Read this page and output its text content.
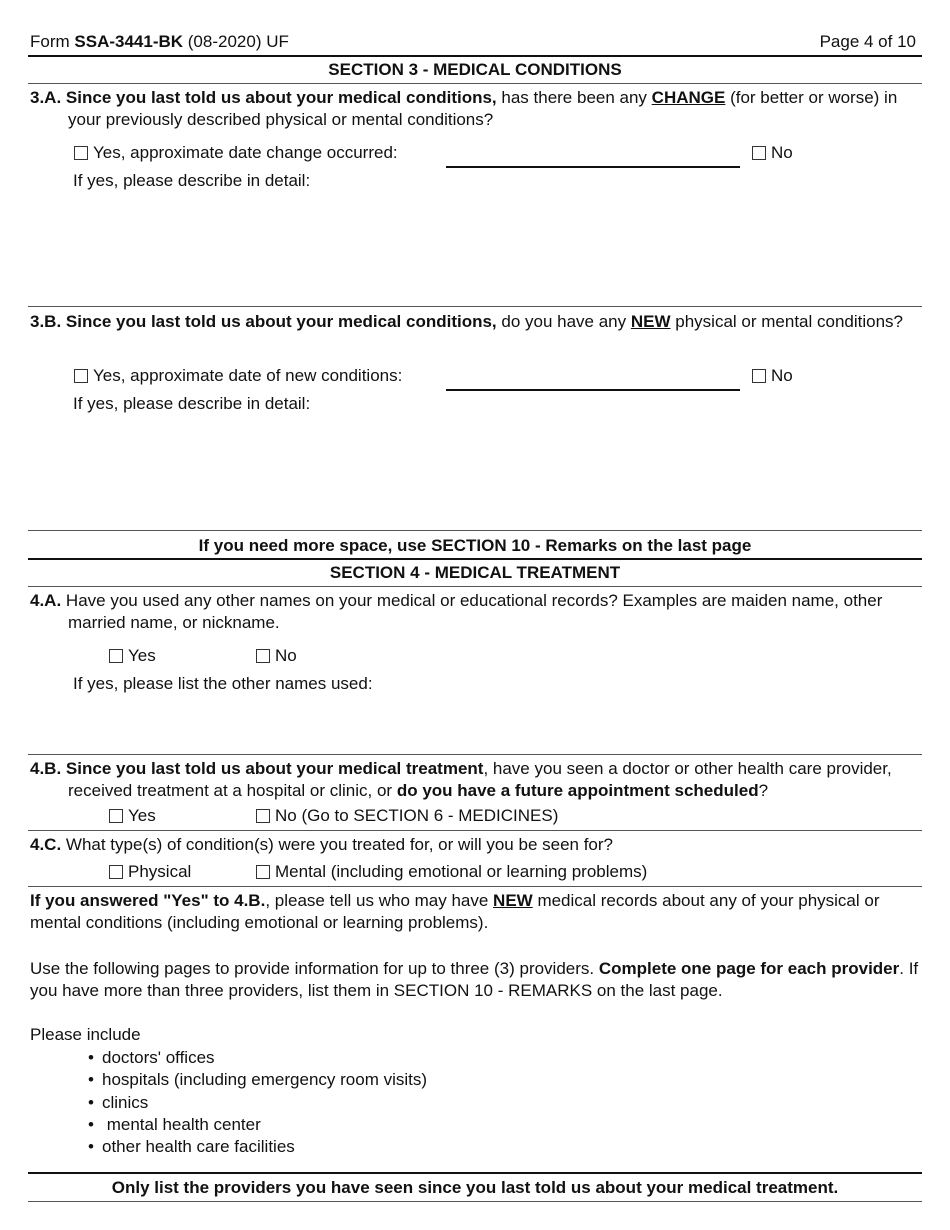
Form SSA-3441-BK (08-2020) UF	Page 4 of 10
SECTION 3 - MEDICAL CONDITIONS
3.A. Since you last told us about your medical conditions, has there been any CHANGE (for better or worse) in your previously described physical or mental conditions?
Yes, approximate date change occurred:	No
If yes, please describe in detail:
3.B. Since you last told us about your medical conditions, do you have any NEW physical or mental conditions?
Yes, approximate date of new conditions:	No
If yes, please describe in detail:
If you need more space, use SECTION 10 - Remarks on the last page
SECTION 4 - MEDICAL TREATMENT
4.A. Have you used any other names on your medical or educational records? Examples are maiden name, other married name, or nickname.
Yes	No
If yes, please list the other names used:
4.B. Since you last told us about your medical treatment, have you seen a doctor or other health care provider, received treatment at a hospital or clinic, or do you have a future appointment scheduled?
Yes	No (Go to SECTION 6 - MEDICINES)
4.C. What type(s) of condition(s) were you treated for, or will you be seen for?
Physical	Mental (including emotional or learning problems)
If you answered "Yes" to 4.B., please tell us who may have NEW medical records about any of your physical or mental conditions (including emotional or learning problems).
Use the following pages to provide information for up to three (3) providers. Complete one page for each provider. If you have more than three providers, list them in SECTION 10 - REMARKS on the last page.
Please include
• doctors' offices
• hospitals (including emergency room visits)
• clinics
•  mental health center
• other health care facilities
Only list the providers you have seen since you last told us about your medical treatment.
